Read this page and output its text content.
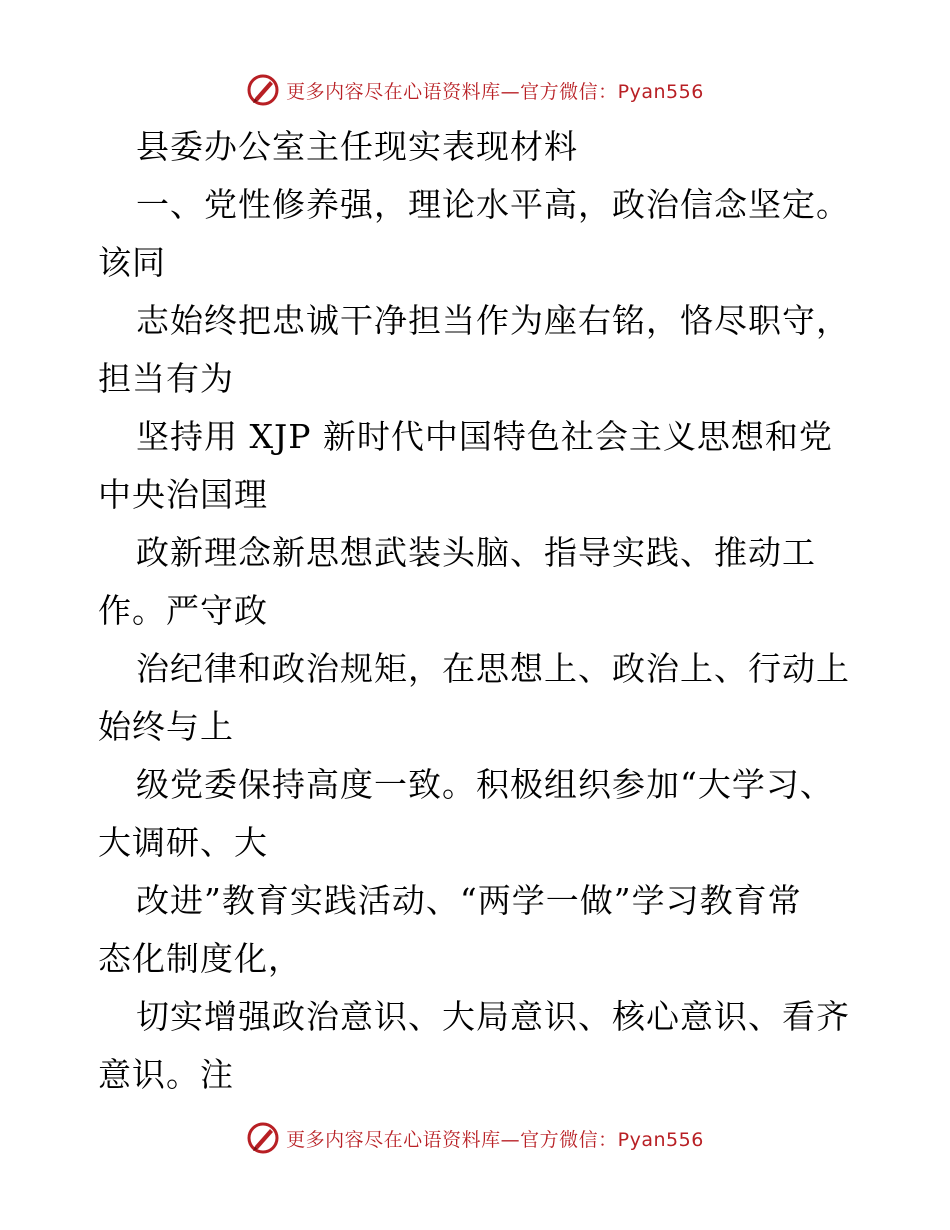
更多内容尽在心语资料库—官方微信：Pyan556
县委办公室主任现实表现材料
一、党性修养强，理论水平高，政治信念坚定。
该同
志始终把忠诚干净担当作为座右铭，恪尽职守，
担当有为
坚持用 XJP 新时代中国特色社会主义思想和党
中央治国理
政新理念新思想武装头脑、指导实践、推动工
作。严守政
治纪律和政治规矩，在思想上、政治上、行动上
始终与上
级党委保持高度一致。积极组织参加“大学习、
大调研、大
改进”教育实践活动、“两学一做”学习教育常
态化制度化，
切实增强政治意识、大局意识、核心意识、看齐
意识。注
更多内容尽在心语资料库—官方微信：Pyan556
